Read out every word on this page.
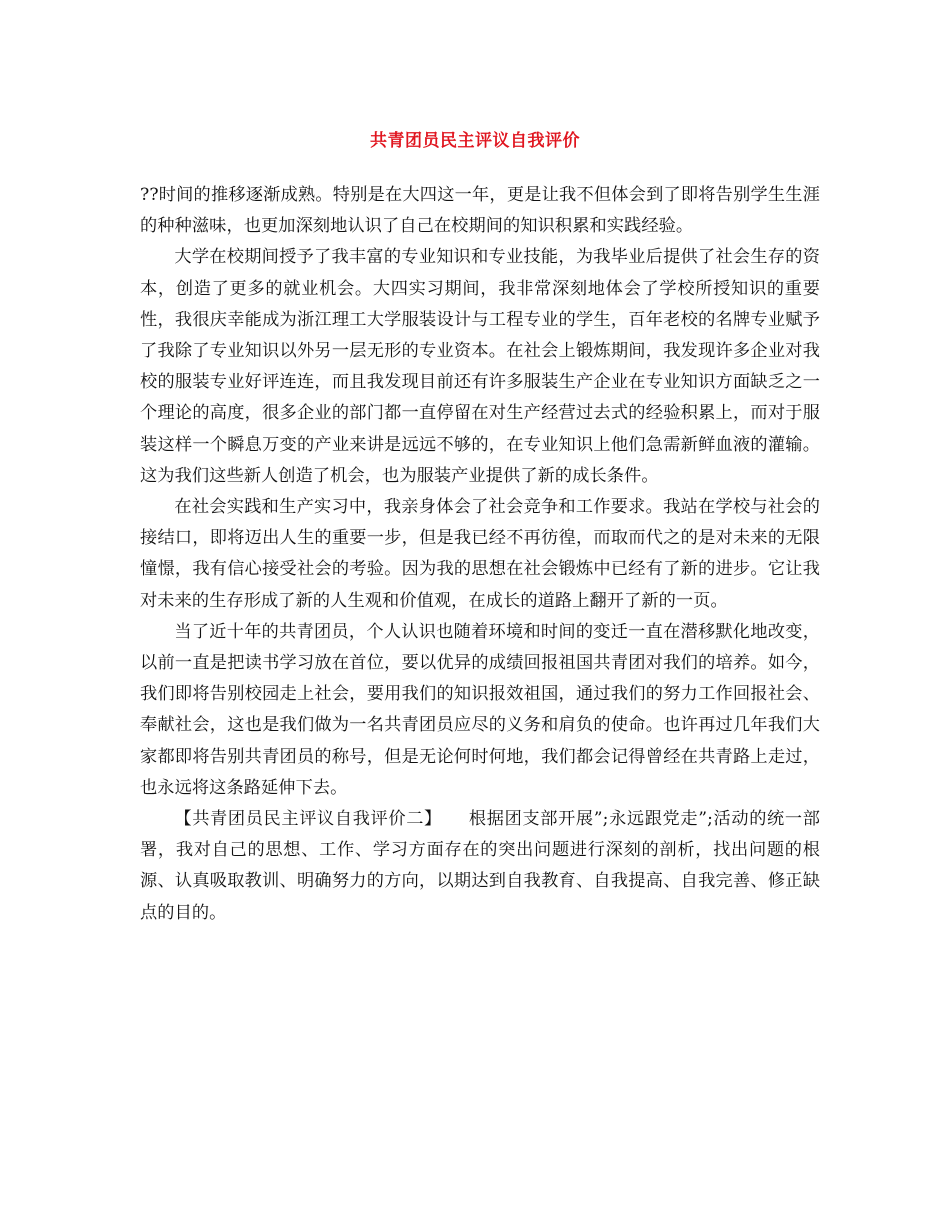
共青团员民主评议自我评价

??时间的推移逐渐成熟。特别是在大四这一年，更是让我不但体会到了即将告别学生生涯的种种滋味，也更加深刻地认识了自己在校期间的知识积累和实践经验。

大学在校期间授予了我丰富的专业知识和专业技能，为我毕业后提供了社会生存的资本，创造了更多的就业机会。大四实习期间，我非常深刻地体会了学校所授知识的重要性，我很庆幸能成为浙江理工大学服装设计与工程专业的学生，百年老校的名牌专业赋予了我除了专业知识以外另一层无形的专业资本。在社会上锻炼期间，我发现许多企业对我校的服装专业好评连连，而且我发现目前还有许多服装生产企业在专业知识方面缺乏之一个理论的高度，很多企业的部门都一直停留在对生产经营过去式的经验积累上，而对于服装这样一个瞬息万变的产业来讲是远远不够的，在专业知识上他们急需新鲜血液的灌输。这为我们这些新人创造了机会，也为服装产业提供了新的成长条件。

在社会实践和生产实习中，我亲身体会了社会竞争和工作要求。我站在学校与社会的接结口，即将迈出人生的重要一步，但是我已经不再彷徨，而取而代之的是对未来的无限憧憬，我有信心接受社会的考验。因为我的思想在社会锻炼中已经有了新的进步。它让我对未来的生存形成了新的人生观和价值观，在成长的道路上翻开了新的一页。

当了近十年的共青团员，个人认识也随着环境和时间的变迁一直在潜移默化地改变，以前一直是把读书学习放在首位，要以优异的成绩回报祖国共青团对我们的培养。如今，我们即将告别校园走上社会，要用我们的知识报效祖国，通过我们的努力工作回报社会、奉献社会，这也是我们做为一名共青团员应尽的义务和肩负的使命。也许再过几年我们大家都即将告别共青团员的称号，但是无论何时何地，我们都会记得曾经在共青路上走过，也永远将这条路延伸下去。

【共青团员民主评议自我评价二】　　根据团支部开展”;永远跟党走”;活动的统一部署，我对自己的思想、工作、学习方面存在的突出问题进行深刻的剖析，找出问题的根源、认真吸取教训、明确努力的方向，以期达到自我教育、自我提高、自我完善、修正缺点的目的。
